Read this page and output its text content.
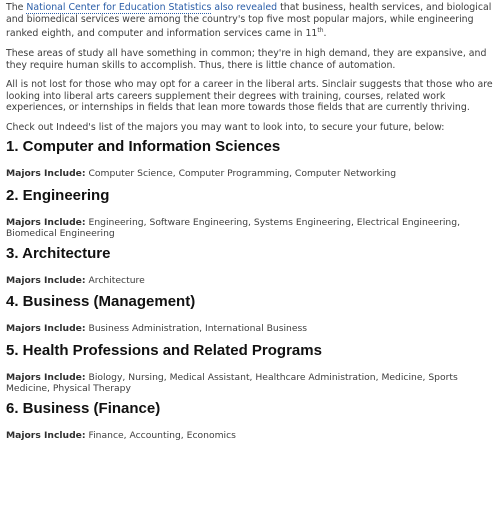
The National Center for Education Statistics also revealed that business, health services, and biological and biomedical services were among the country's top five most popular majors, while engineering ranked eighth, and computer and information services came in 11th.

These areas of study all have something in common; they're in high demand, they are expansive, and they require human skills to accomplish. Thus, there is little chance of automation.

All is not lost for those who may opt for a career in the liberal arts. Sinclair suggests that those who are looking into liberal arts careers supplement their degrees with training, courses, related work experiences, or internships in fields that lean more towards those fields that are currently thriving.

Check out Indeed's list of the majors you may want to look into, to secure your future, below:

1. Computer and Information Sciences

Majors Include: Computer Science, Computer Programming, Computer Networking

2. Engineering

Majors Include: Engineering, Software Engineering, Systems Engineering, Electrical Engineering, Biomedical Engineering

3. Architecture

Majors Include: Architecture

4. Business (Management)

Majors Include: Business Administration, International Business

5. Health Professions and Related Programs

Majors Include: Biology, Nursing, Medical Assistant, Healthcare Administration, Medicine, Sports Medicine, Physical Therapy

6. Business (Finance)

Majors Include: Finance, Accounting, Economics
